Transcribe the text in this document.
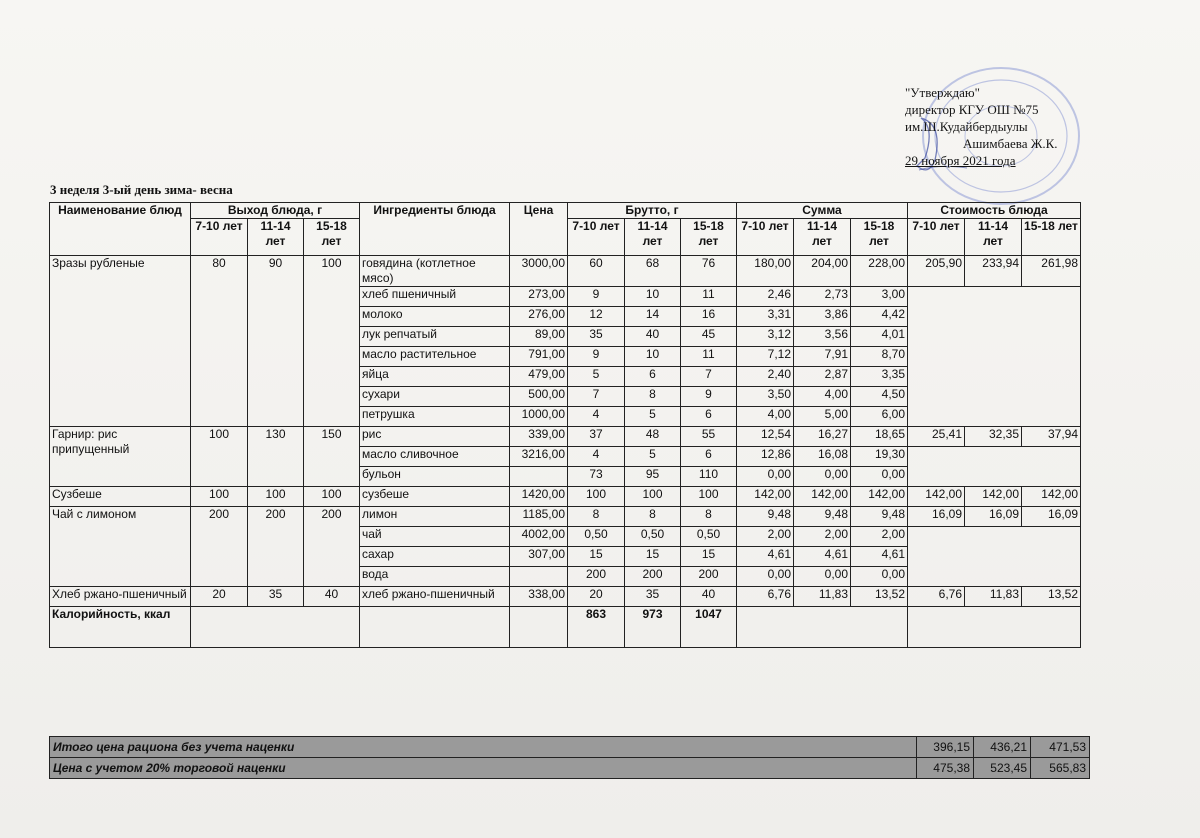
"Утверждаю"
директор КГУ ОШ №75
им.Ш.Кудайбердыулы
Ашимбаева Ж.К.
29 ноября 2021 года
3 неделя 3-ый день зима- весна
Наименование блюд	Выход блюда, г			Ингредиенты блюда	Цена	Брутто, г			Сумма			Стоимость блюда		
	7-10 лет	11-14 лет	15-18 лет			7-10 лет	11-14 лет	15-18 лет	7-10 лет	11-14 лет	15-18 лет	7-10 лет	11-14 лет	15-18 лет
Зразы рубленые	80	90	100	говядина (котлетное мясо)	3000,00	60	68	76	180,00	204,00	228,00	205,90	233,94	261,98
				хлеб пшеничный	273,00	9	10	11	2,46	2,73	3,00			
				молоко	276,00	12	14	16	3,31	3,86	4,42			
				лук репчатый	89,00	35	40	45	3,12	3,56	4,01			
				масло растительное	791,00	9	10	11	7,12	7,91	8,70			
				яйца	479,00	5	6	7	2,40	2,87	3,35			
				сухари	500,00	7	8	9	3,50	4,00	4,50			
				петрушка	1000,00	4	5	6	4,00	5,00	6,00			
Гарнир: рис припущенный	100	130	150	рис	339,00	37	48	55	12,54	16,27	18,65	25,41	32,35	37,94
				масло сливочное	3216,00	4	5	6	12,86	16,08	19,30			
				бульон		73	95	110	0,00	0,00	0,00			
Сузбеше	100	100	100	сузбеше	1420,00	100	100	100	142,00	142,00	142,00	142,00	142,00	142,00
Чай с лимоном	200	200	200	лимон	1185,00	8	8	8	9,48	9,48	9,48	16,09	16,09	16,09
				чай	4002,00	0,50	0,50	0,50	2,00	2,00	2,00			
				сахар	307,00	15	15	15	4,61	4,61	4,61			
				вода		200	200	200	0,00	0,00	0,00			
Хлеб ржано-пшеничный	20	35	40	хлеб ржано-пшеничный	338,00	20	35	40	6,76	11,83	13,52	6,76	11,83	13,52
Калорийность, ккал						863	973	1047						
Итого цена рациона без учета наценки	396,15	436,21	471,53
Цена с учетом 20% торговой наценки	475,38	523,45	565,83
